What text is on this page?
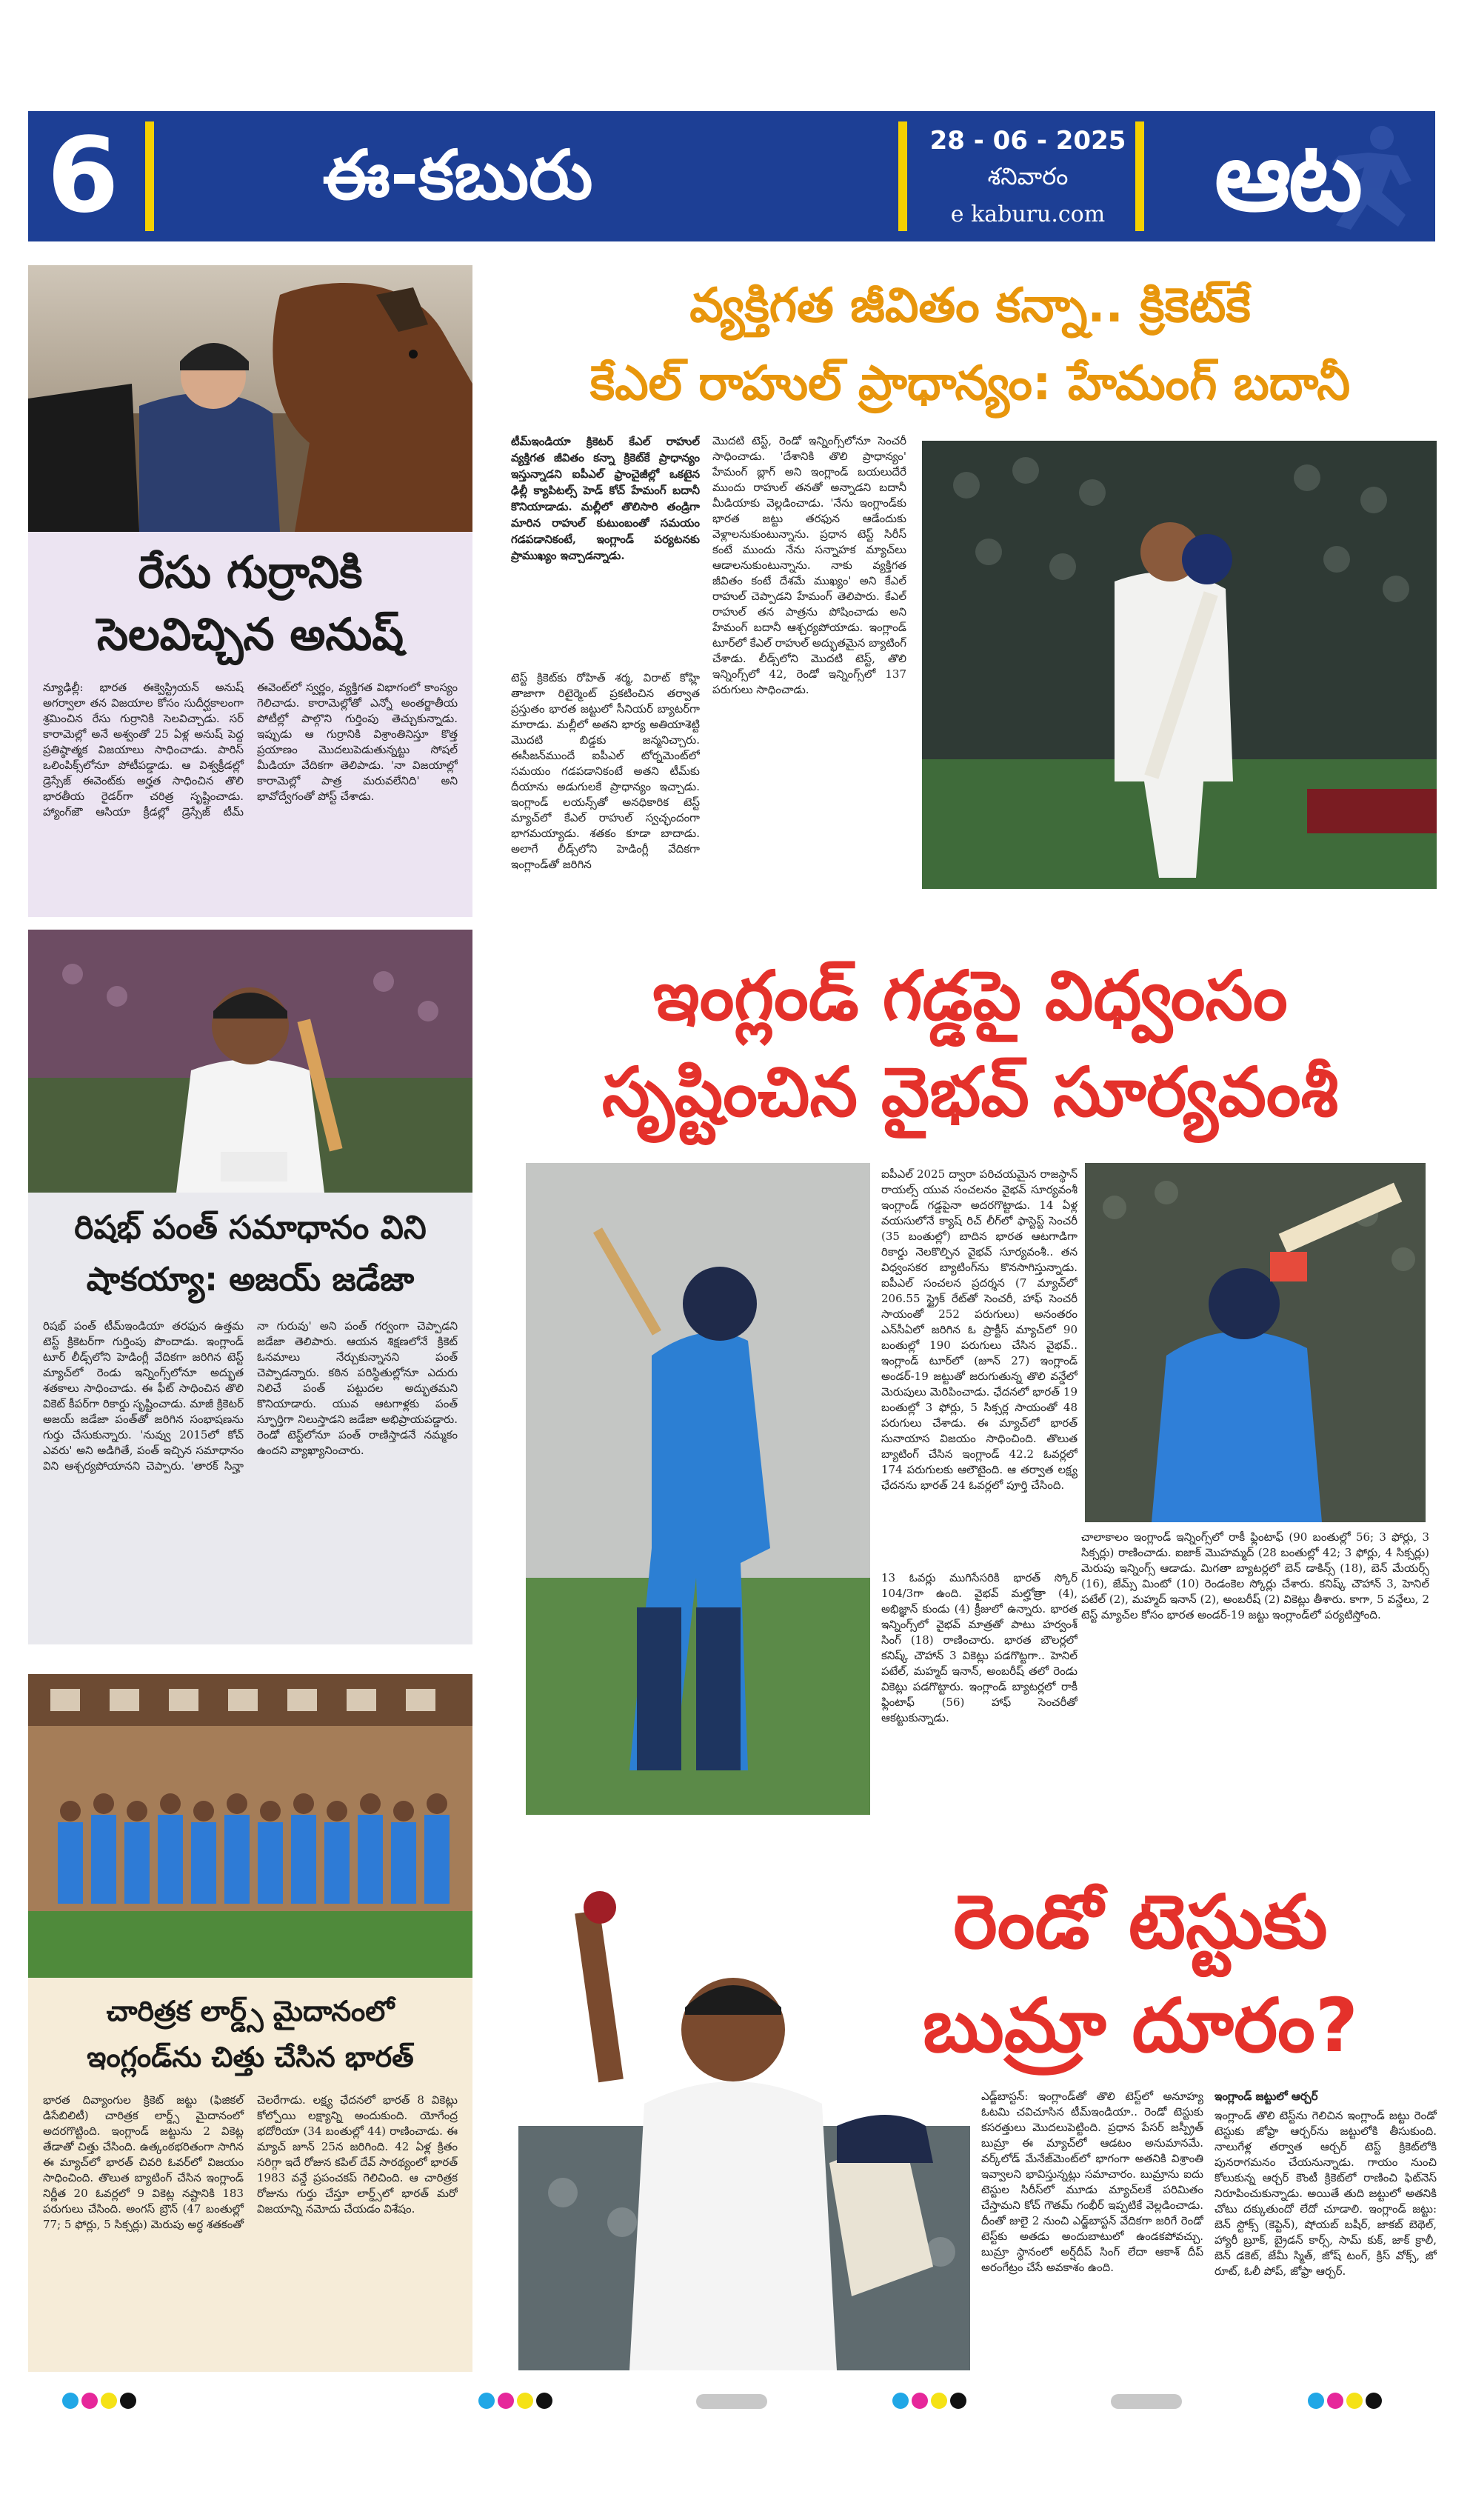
6	ఈ-కబురు	28 - 06 - 2025
శనివారం
e kaburu.com	ఆట
రేసు గుర్రానికి
సెలవిచ్చిన అనుష్
న్యూఢిల్లీ: భారత ఈక్వెస్ట్రియన్ అనుష్ అగర్వాలా తన విజయాల కోసం సుదీర్ఘకాలంగా శ్రమించిన రేసు గుర్రానికి సెలవిచ్చాడు. సర్ కారామెల్లో అనే అశ్వంతో 25 ఏళ్ల అనుష్ పెద్ద ప్రతిష్ఠాత్మక విజయాలు సాధించాడు. పారిస్ ఒలింపిక్స్‌లోనూ పోటీపడ్డాడు. ఆ విశ్వక్రీడల్లో డ్రెస్సేజ్ ఈవెంట్‌కు అర్హత సాధించిన తొలి భారతీయ రైడర్‌గా చరిత్ర సృష్టించాడు. హ్యాంగ్‌జౌ ఆసియా క్రీడల్లో డ్రెస్సేజ్ టీమ్ ఈవెంట్‌లో స్వర్ణం, వ్యక్తిగత విభాగంలో కాంస్యం గెలిచాడు. కారామెల్లోతో ఎన్నో అంతర్జాతీయ పోటీల్లో పాల్గొని గుర్తింపు తెచ్చుకున్నాడు. ఇప్పుడు ఆ గుర్రానికి విశ్రాంతినిస్తూ కొత్త ప్రయాణం మొదలుపెడుతున్నట్టు సోషల్ మీడియా వేదికగా తెలిపాడు. 'నా విజయాల్లో కారామెల్లో పాత్ర మరువలేనిది' అని భావోద్వేగంతో పోస్ట్ చేశాడు.
వ్యక్తిగత జీవితం కన్నా.. క్రికెట్‌కే
కేఎల్ రాహుల్ ప్రాధాన్యం: హేమంగ్ బదానీ
టీమ్‌ఇండియా క్రికెటర్ కేఎల్ రాహుల్ వ్యక్తిగత జీవితం కన్నా క్రికెట్‌కే ప్రాధాన్యం ఇస్తున్నాడని ఐపీఎల్ ఫ్రాంచైజీల్లో ఒకటైన ఢిల్లీ క్యాపిటల్స్ హెడ్ కోచ్ హేమంగ్ బదానీ కొనియాడాడు. మల్లీలో తొలిసారి తండ్రిగా మారిన రాహుల్ కుటుంబంతో సమయం గడపడానికంటే, ఇంగ్లాండ్ పర్యటనకు ప్రాముఖ్యం ఇచ్చాడన్నాడు.
టెస్ట్ క్రికెట్‌కు రోహిత్ శర్మ, విరాట్ కోహ్లి తాజాగా రిటైర్మెంట్ ప్రకటించిన తర్వాత ప్రస్తుతం భారత జట్టులో సీనియర్ బ్యాటర్‌గా మారాడు. మల్లీలో అతని భార్య అతియాశెట్టి మొదటి బిడ్డకు జన్మనిచ్చారు. ఈసీజన్‌ముందే ఐపీఎల్ టోర్నమెంట్‌లో సమయం గడపడానికంటే అతని టీమ్‌కు దీయాను అడుగులకే ప్రాధాన్యం ఇచ్చాడు. ఇంగ్లాండ్ లయన్స్‌తో అనధికారిక టెస్ట్ మ్యాచ్‌లో కేఎల్ రాహుల్ స్వచ్ఛందంగా భాగమయ్యాడు. శతకం కూడా బాదాడు. అలాగే లీడ్స్‌లోని హెడింగ్లీ వేదికగా ఇంగ్లాండ్‌తో జరిగిన
మొదటి టెస్ట్, రెండో ఇన్నింగ్స్‌లోనూ సెంచరీ సాధించాడు. 'దేశానికి తొలి ప్రాధాన్యం' హేమంగ్ బ్లాగ్ అని ఇంగ్లాండ్ బయలుదేరే ముందు రాహుల్ తనతో అన్నాడని బదానీ మీడియాకు వెల్లడించాడు. 'నేను ఇంగ్లాండ్‌కు భారత జట్టు తరఫున ఆడేందుకు వెళ్లాలనుకుంటున్నాను. ప్రధాన టెస్ట్ సిరీస్ కంటే ముందు నేను సన్నాహక మ్యాచ్‌లు ఆడాలనుకుంటున్నాను. నాకు వ్యక్తిగత జీవితం కంటే దేశమే ముఖ్యం' అని కేఎల్ రాహుల్ చెప్పాడని హేమంగ్ తెలిపారు. కేఎల్ రాహుల్ తన పాత్రను పోషించాడు అని హేమంగ్ బదానీ ఆశ్చర్యపోయాడు. ఇంగ్లాండ్ టూర్‌లో కేఎల్ రాహుల్ అద్భుతమైన బ్యాటింగ్ చేశాడు. లీడ్స్‌లోని మొదటి టెస్ట్, తొలి ఇన్నింగ్స్‌లో 42, రెండో ఇన్నింగ్స్‌లో 137 పరుగులు సాధించాడు.
రిషభ్ పంత్ సమాధానం విని
షాకయ్యా: అజయ్ జడేజా
రిషభ్ పంత్ టీమ్‌ఇండియా తరఫున ఉత్తమ టెస్ట్ క్రికెటర్‌గా గుర్తింపు పొందాడు. ఇంగ్లాండ్ టూర్ లీడ్స్‌లోని హెడింగ్లీ వేదికగా జరిగిన టెస్ట్ మ్యాచ్‌లో రెండు ఇన్నింగ్స్‌లోనూ అద్భుత శతకాలు సాధించాడు. ఈ ఫీట్ సాధించిన తొలి వికెట్ కీపర్‌గా రికార్డు సృష్టించాడు. మాజీ క్రికెటర్ అజయ్ జడేజా పంత్‌తో జరిగిన సంభాషణను గుర్తు చేసుకున్నారు. 'నువ్వు 2015లో కోచ్ ఎవరు' అని అడిగితే, పంత్ ఇచ్చిన సమాధానం విని ఆశ్చర్యపోయానని చెప్పారు. 'తారక్ సిన్హా నా గురువు' అని పంత్ గర్వంగా చెప్పాడని జడేజా తెలిపారు. ఆయన శిక్షణలోనే క్రికెట్ ఓనమాలు నేర్చుకున్నానని పంత్ చెప్పాడన్నారు. కఠిన పరిస్థితుల్లోనూ ఎదురు నిలిచే పంత్ పట్టుదల అద్భుతమని కొనియాడారు. యువ ఆటగాళ్లకు పంత్ స్ఫూర్తిగా నిలుస్తాడని జడేజా అభిప్రాయపడ్డారు. రెండో టెస్ట్‌లోనూ పంత్ రాణిస్తాడనే నమ్మకం ఉందని వ్యాఖ్యానించారు.
చారిత్రక లార్డ్స్ మైదానంలో
ఇంగ్లండ్‌ను చిత్తు చేసిన భారత్
భారత దివ్యాంగుల క్రికెట్ జట్టు (ఫిజికల్ డిసేబిలిటీ) చారిత్రక లార్డ్స్ మైదానంలో అదరగొట్టింది. ఇంగ్లాండ్ జట్టును 2 వికెట్ల తేడాతో చిత్తు చేసింది. ఉత్కంఠభరితంగా సాగిన ఈ మ్యాచ్‌లో భారత్ చివరి ఓవర్‌లో విజయం సాధించింది. తొలుత బ్యాటింగ్ చేసిన ఇంగ్లాండ్ నిర్ణీత 20 ఓవర్లలో 9 వికెట్ల నష్టానికి 183 పరుగులు చేసింది. అంగస్ బ్రౌన్ (47 బంతుల్లో 77; 5 ఫోర్లు, 5 సిక్సర్లు) మెరుపు అర్ధ శతకంతో చెలరేగాడు. లక్ష్య ఛేదనలో భారత్ 8 వికెట్లు కోల్పోయి లక్ష్యాన్ని అందుకుంది. యోగేంద్ర భదోరియా (34 బంతుల్లో 44) రాణించాడు. ఈ మ్యాచ్ జూన్ 25న జరిగింది. 42 ఏళ్ల క్రితం సరిగ్గా ఇదే రోజున కపిల్ దేవ్ సారథ్యంలో భారత్ 1983 వన్డే ప్రపంచకప్ గెలిచింది. ఆ చారిత్రక రోజును గుర్తు చేస్తూ లార్డ్స్‌లో భారత్ మరో విజయాన్ని నమోదు చేయడం విశేషం.
ఇంగ్లండ్ గడ్డపై విధ్వంసం
సృష్టించిన వైభవ్ సూర్యవంశీ
ఐపీఎల్ 2025 ద్వారా పరిచయమైన రాజస్థాన్ రాయల్స్ యువ సంచలనం వైభవ్ సూర్యవంశీ ఇంగ్లాండ్ గడ్డపైనా అదరగొట్టాడు. 14 ఏళ్ల వయసులోనే క్యాష్ రిచ్ లీగ్‌లో ఫాస్టెస్ట్ సెంచరీ (35 బంతుల్లో) బాదిన భారత ఆటగాడిగా రికార్డు నెలకొల్పిన వైభవ్ సూర్యవంశీ.. తన విధ్వంసకర బ్యాటింగ్‌ను కొనసాగిస్తున్నాడు. ఐపీఎల్ సంచలన ప్రదర్శన (7 మ్యాచ్‌లో 206.55 స్ట్రైక్ రేట్‌తో సెంచరీ, హాఫ్ సెంచరీ సాయంతో 252 పరుగులు) అనంతరం ఎన్‌సీఏలో జరిగిన ఓ ప్రాక్టీస్ మ్యాచ్‌లో 90 బంతుల్లో 190 పరుగులు చేసిన వైభవ్.. ఇంగ్లాండ్ టూర్‌లో (జూన్ 27) ఇంగ్లాండ్ అండర్-19 జట్టుతో జరుగుతున్న తొలి వన్డేలో మెరుపులు మెరిపించాడు. ఛేదనలో భారత్ 19 బంతుల్లో 3 ఫోర్లు, 5 సిక్సర్ల సాయంతో 48 పరుగులు చేశాడు. ఈ మ్యాచ్‌లో భారత్ సునాయాస విజయం సాధించింది. తొలుత బ్యాటింగ్ చేసిన ఇంగ్లాండ్ 42.2 ఓవర్లలో 174 పరుగులకు ఆలౌటైంది. ఆ తర్వాత లక్ష్య ఛేదనను భారత్ 24 ఓవర్లలో పూర్తి చేసింది.
చాలాకాలం ఇంగ్లాండ్ ఇన్నింగ్స్‌లో రాకీ ఫ్లింటాఫ్ (90 బంతుల్లో 56; 3 ఫోర్లు, 3 సిక్సర్లు) రాణించాడు. ఐజాక్ మొహమ్మద్ (28 బంతుల్లో 42; 3 ఫోర్లు, 4 సిక్సర్లు) మెరుపు ఇన్నింగ్స్ ఆడాడు. మిగతా బ్యాటర్లలో బెన్ డాకిన్స్ (18), బెన్ మేయర్స్ (16), జేమ్స్ మింటో (10) రెండంకెల స్కోర్లు చేశారు. కనిష్క్ చౌహాన్ 3, హెనిల్ పటేల్ (2), మహ్మద్ ఇనాన్ (2), అంబరీష్ (2) వికెట్లు తీశారు. కాగా, 5 వన్డేలు, 2 టెస్ట్ మ్యాచ్‌ల కోసం భారత అండర్-19 జట్టు ఇంగ్లాండ్‌లో పర్యటిస్తోంది.
13 ఓవర్లు ముగిసేసరికి భారత్ స్కోర్ 104/3గా ఉంది. వైభవ్ మల్హోత్రా (4), అభిజ్ఞాన్ కుండు (4) క్రీజులో ఉన్నారు. భారత ఇన్నింగ్స్‌లో వైభవ్ మాత్రతో పాటు హర్వంశ్ సింగ్ (18) రాణించారు. భారత బౌలర్లలో కనిష్క్ చౌహాన్ 3 వికెట్లు పడగొట్టగా.. హెనిల్ పటేల్, మహ్మద్ ఇనాన్, అంబరీష్ తలో రెండు వికెట్లు పడగొట్టారు. ఇంగ్లాండ్ బ్యాటర్లలో రాకీ ఫ్లింటాఫ్ (56) హాఫ్ సెంచరీతో ఆకట్టుకున్నాడు.
రెండో టెస్టుకు
బుమ్రా దూరం?
ఎడ్జ్‌బాస్టన్: ఇంగ్లాండ్‌తో తొలి టెస్ట్‌లో అనూహ్య ఓటమి చవిచూసిన టీమ్‌ఇండియా.. రెండో టెస్టుకు కసరత్తులు మొదలుపెట్టింది. ప్రధాన పేసర్ జస్ప్రీత్ బుమ్రా ఈ మ్యాచ్‌లో ఆడటం అనుమానమే. వర్క్‌లోడ్ మేనేజ్‌మెంట్‌లో భాగంగా అతనికి విశ్రాంతి ఇవ్వాలని భావిస్తున్నట్లు సమాచారం. బుమ్రాను ఐదు టెస్టుల సిరీస్‌లో మూడు మ్యాచ్‌లకే పరిమితం చేస్తామని కోచ్ గౌతమ్ గంభీర్ ఇప్పటికే వెల్లడించాడు. దీంతో జులై 2 నుంచి ఎడ్జ్‌బాస్టన్ వేదికగా జరిగే రెండో టెస్ట్‌కు అతడు అందుబాటులో ఉండకపోవచ్చు. బుమ్రా స్థానంలో అర్ష్‌దీప్ సింగ్ లేదా ఆకాశ్ దీప్ అరంగేట్రం చేసే అవకాశం ఉంది.
ఇంగ్లాండ్ జట్టులో ఆర్చర్
ఇంగ్లాండ్ తొలి టెస్ట్‌ను గెలిచిన ఇంగ్లాండ్ జట్టు రెండో టెస్టుకు జోఫ్రా ఆర్చర్‌ను జట్టులోకి తీసుకుంది. నాలుగేళ్ల తర్వాత ఆర్చర్ టెస్ట్ క్రికెట్‌లోకి పునరాగమనం చేయనున్నాడు. గాయం నుంచి కోలుకున్న ఆర్చర్ కౌంటీ క్రికెట్‌లో రాణించి ఫిట్‌నెస్ నిరూపించుకున్నాడు. అయితే తుది జట్టులో అతనికి చోటు దక్కుతుందో లేదో చూడాలి. ఇంగ్లాండ్ జట్టు: బెన్ స్టోక్స్ (కెప్టెన్), షోయబ్ బషీర్, జాకబ్ బెథెల్, హ్యారీ బ్రూక్, బ్రైడన్ కార్స్, సామ్ కుక్, జాక్ క్రాలీ, బెన్ డకెట్, జేమీ స్మిత్, జోష్ టంగ్, క్రిస్ వోక్స్, జో రూట్, ఓలీ పోప్, జోఫ్రా ఆర్చర్.
